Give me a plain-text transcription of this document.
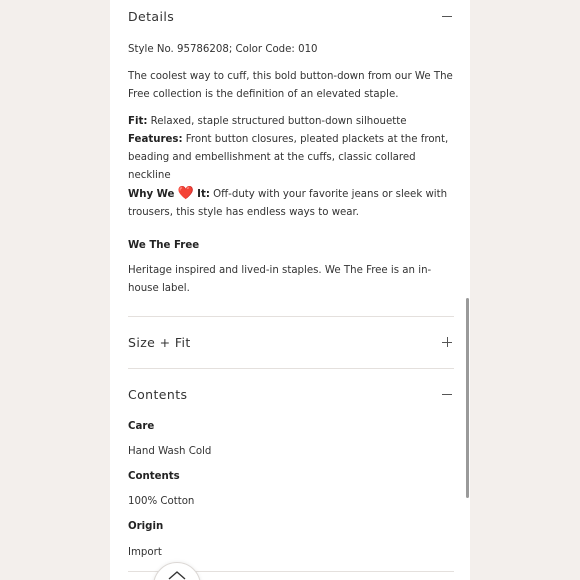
Details
Style No. 95786208; Color Code: 010
The coolest way to cuff, this bold button-down from our We The Free collection is the definition of an elevated staple.
Fit: Relaxed, staple structured button-down silhouette
Features: Front button closures, pleated plackets at the front, beading and embellishment at the cuffs, classic collared neckline
Why We ❤️ It: Off-duty with your favorite jeans or sleek with trousers, this style has endless ways to wear.
We The Free
Heritage inspired and lived-in staples. We The Free is an in-house label.
Size + Fit
Contents
Care
Hand Wash Cold
Contents
100% Cotton
Origin
Import
